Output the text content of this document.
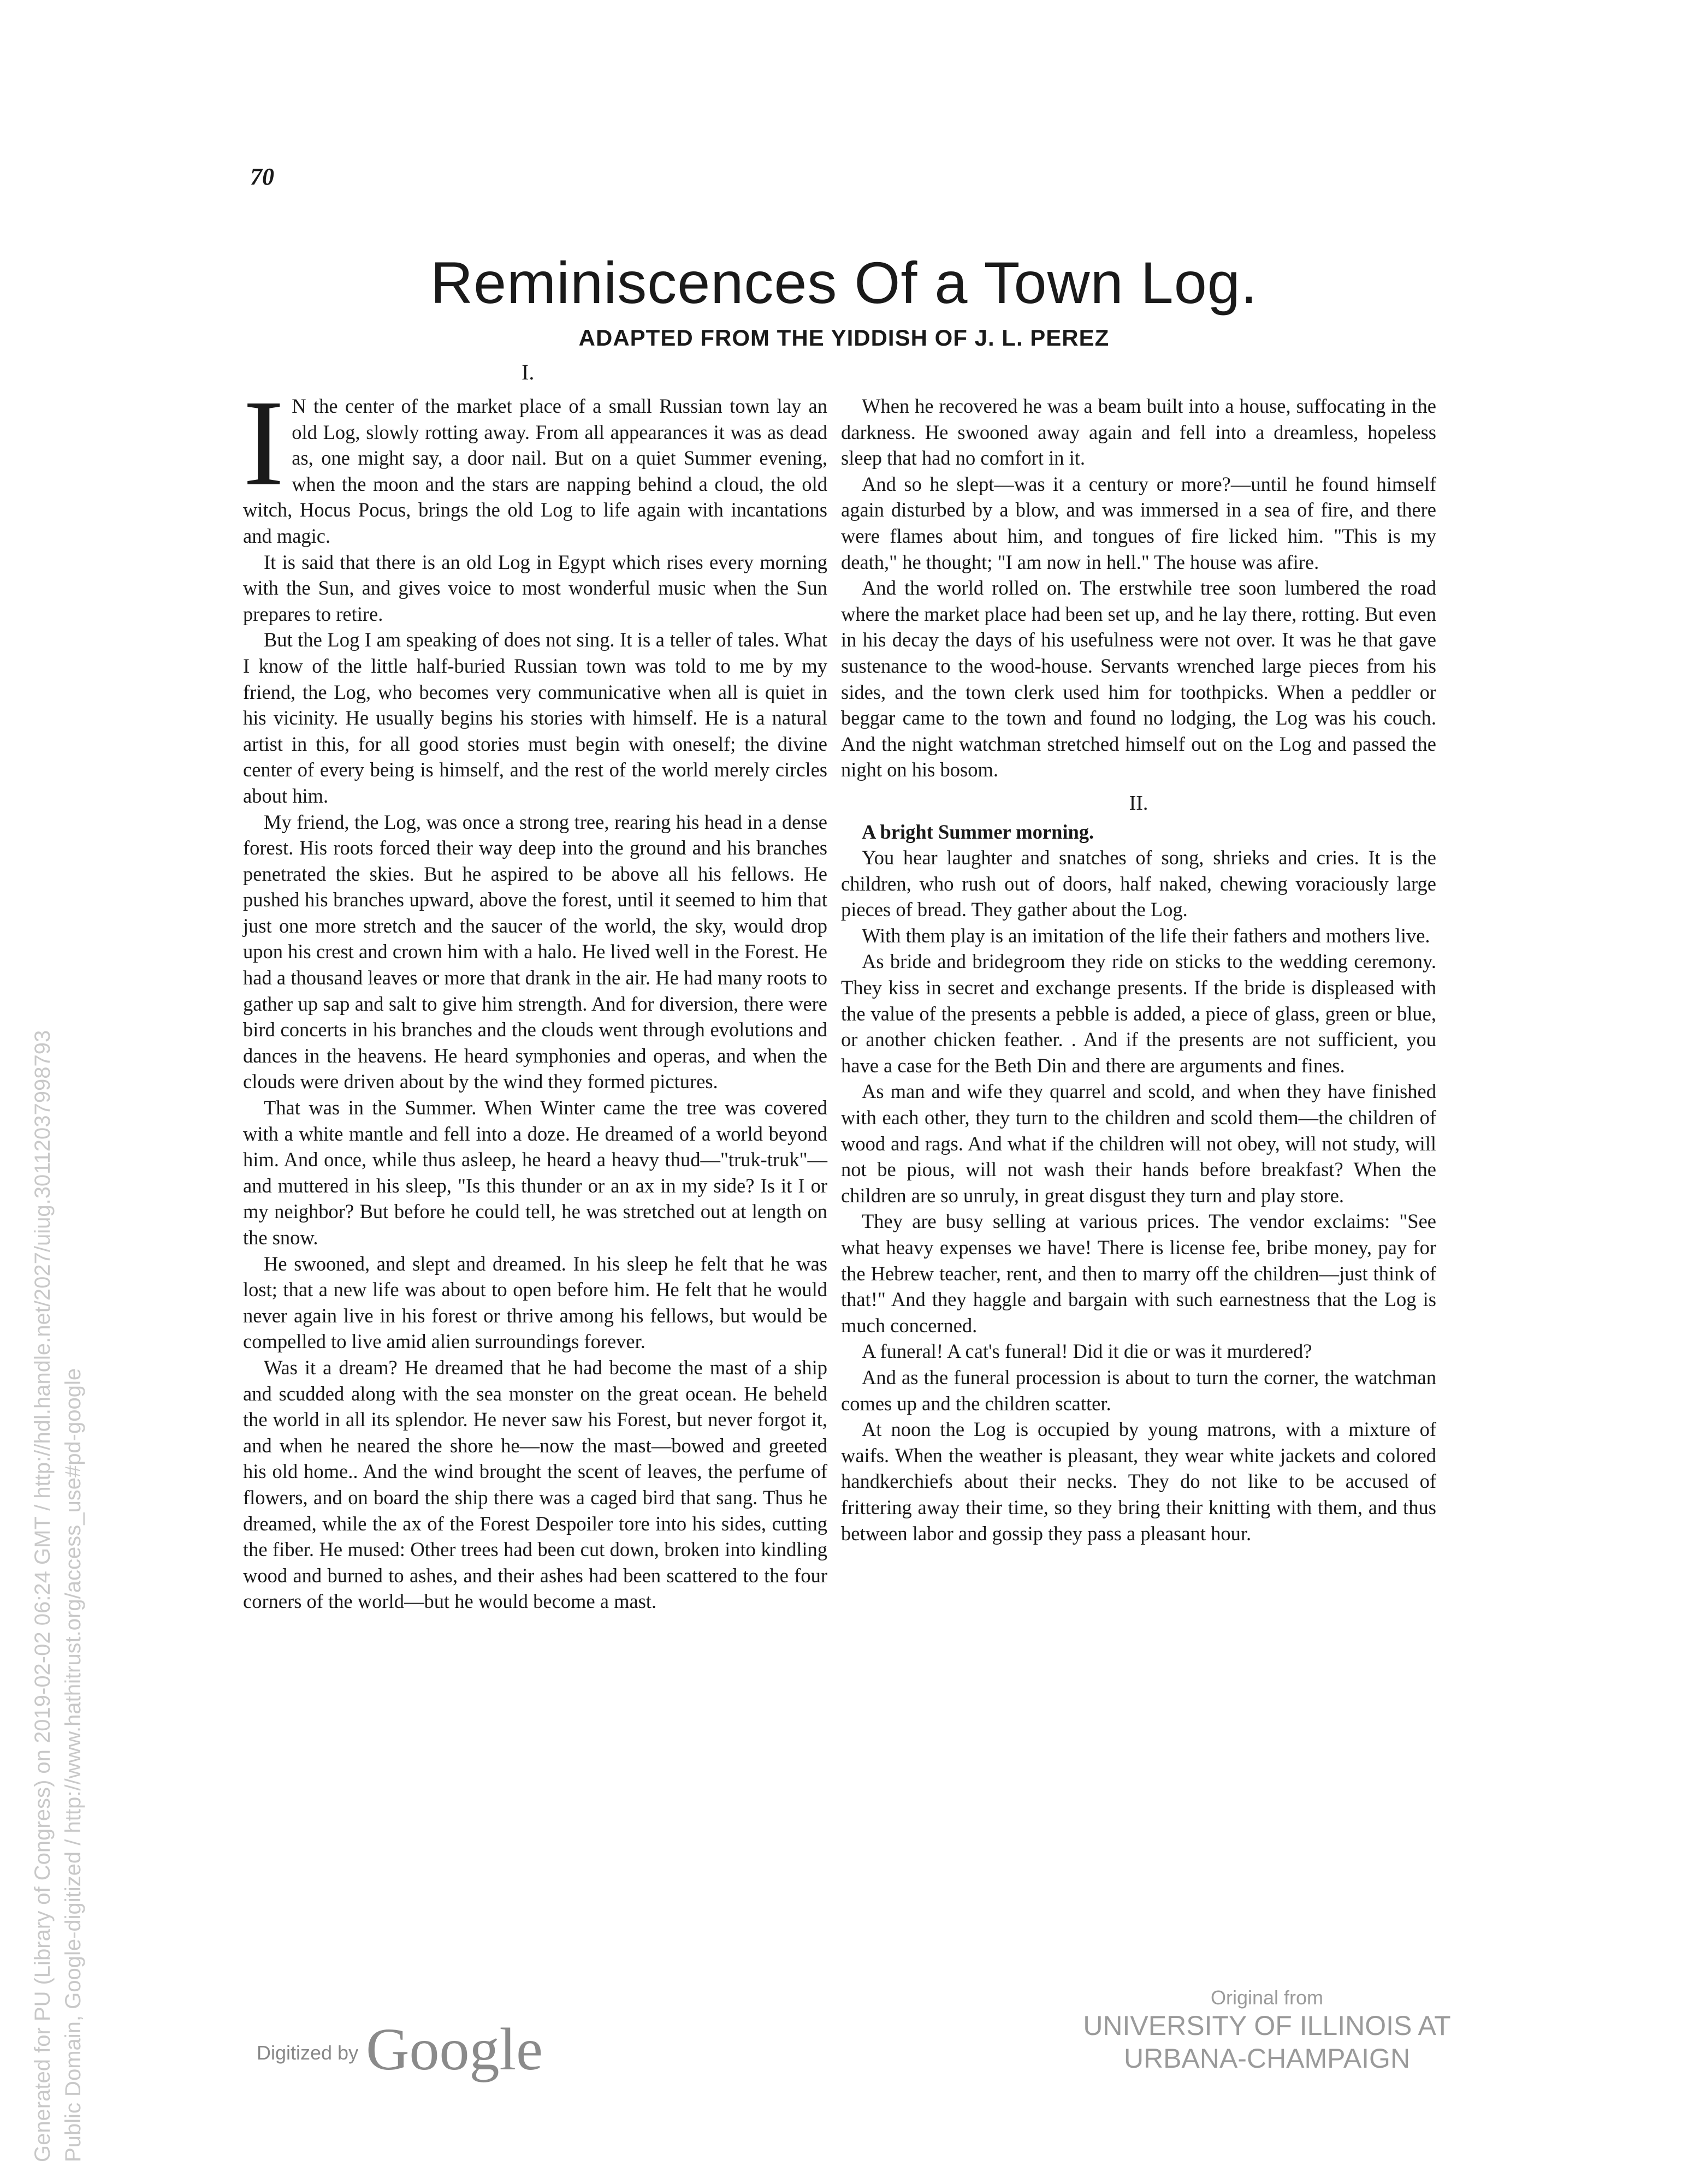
70
Reminiscences Of a Town Log.
ADAPTED FROM THE YIDDISH OF J. L. PEREZ
I.

I N the center of the market place of a small Russian town lay an old Log, slowly rotting away. From all appearances it was as dead as, one might say, a door nail. But on a quiet Summer evening, when the moon and the stars are napping behind a cloud, the old witch, Hocus Pocus, brings the old Log to life again with incantations and magic.

It is said that there is an old Log in Egypt which rises every morning with the Sun, and gives voice to most wonderful music when the Sun prepares to retire.

But the Log I am speaking of does not sing. It is a teller of tales. What I know of the little half-buried Russian town was told to me by my friend, the Log, who becomes very communicative when all is quiet in his vicinity. He usually begins his stories with himself. He is a natural artist in this, for all good stories must begin with oneself; the divine center of every being is himself, and the rest of the world merely circles about him.

My friend, the Log, was once a strong tree, rearing his head in a dense forest. His roots forced their way deep into the ground and his branches penetrated the skies. But he aspired to be above all his fellows. He pushed his branches upward, above the forest, until it seemed to him that just one more stretch and the saucer of the world, the sky, would drop upon his crest and crown him with a halo. He lived well in the Forest. He had a thousand leaves or more that drank in the air. He had many roots to gather up sap and salt to give him strength. And for diversion, there were bird concerts in his branches and the clouds went through evolutions and dances in the heavens. He heard symphonies and operas, and when the clouds were driven about by the wind they formed pictures.

That was in the Summer. When Winter came the tree was covered with a white mantle and fell into a doze. He dreamed of a world beyond him. And once, while thus asleep, he heard a heavy thud—"truk-truk"—and muttered in his sleep, "Is this thunder or an ax in my side? Is it I or my neighbor? But before he could tell, he was stretched out at length on the snow.

He swooned, and slept and dreamed. In his sleep he felt that he was lost; that a new life was about to open before him. He felt that he would never again live in his forest or thrive among his fellows, but would be compelled to live amid alien surroundings forever.

Was it a dream? He dreamed that he had become the mast of a ship and scudded along with the sea monster on the great ocean. He beheld the world in all its splendor. He never saw his Forest, but never forgot it, and when he neared the shore he—now the mast—bowed and greeted his old home.. And the wind brought the scent of leaves, the perfume of flowers, and on board the ship there was a caged bird that sang. Thus he dreamed, while the ax of the Forest Despoiler tore into his sides, cutting the fiber. He mused: Other trees had been cut down, broken into kindling wood and burned to ashes, and their ashes had been scattered to the four corners of the world—but he would become a mast.

When he recovered he was a beam built into a house, suffocating in the darkness. He swooned away again and fell into a dreamless, hopeless sleep that had no comfort in it.

And so he slept—was it a century or more?—until he found himself again disturbed by a blow, and was immersed in a sea of fire, and there were flames about him, and tongues of fire licked him. "This is my death," he thought; "I am now in hell." The house was afire.

And the world rolled on. The erstwhile tree soon lumbered the road where the market place had been set up, and he lay there, rotting. But even in his decay the days of his usefulness were not over. It was he that gave sustenance to the wood-house. Servants wrenched large pieces from his sides, and the town clerk used him for toothpicks. When a peddler or beggar came to the town and found no lodging, the Log was his couch. And the night watchman stretched himself out on the Log and passed the night on his bosom.

II.

A bright Summer morning.

You hear laughter and snatches of song, shrieks and cries. It is the children, who rush out of doors, half naked, chewing voraciously large pieces of bread. They gather about the Log.

With them play is an imitation of the life their fathers and mothers live.

As bride and bridegroom they ride on sticks to the wedding ceremony. They kiss in secret and exchange presents. If the bride is displeased with the value of the presents a pebble is added, a piece of glass, green or blue, or another chicken feather. . And if the presents are not sufficient, you have a case for the Beth Din and there are arguments and fines.

As man and wife they quarrel and scold, and when they have finished with each other, they turn to the children and scold them—the children of wood and rags. And what if the children will not obey, will not study, will not be pious, will not wash their hands before breakfast? When the children are so unruly, in great disgust they turn and play store.

They are busy selling at various prices. The vendor exclaims: "See what heavy expenses we have! There is license fee, bribe money, pay for the Hebrew teacher, rent, and then to marry off the children—just think of that!" And they haggle and bargain with such earnestness that the Log is much concerned.

A funeral! A cat's funeral! Did it die or was it murdered?

And as the funeral procession is about to turn the corner, the watchman comes up and the children scatter.

At noon the Log is occupied by young matrons, with a mixture of waifs. When the weather is pleasant, they wear white jackets and colored handkerchiefs about their necks. They do not like to be accused of frittering away their time, so they bring their knitting with them, and thus between labor and gossip they pass a pleasant hour.

Digitized by Google
Original from
UNIVERSITY OF ILLINOIS AT
URBANA-CHAMPAIGN
Generated for PU (Library of Congress) on 2019-02-02 06:24 GMT / http://hdl.handle.net/2027/uiug.30112037998793 Public Domain, Google-digitized / http://www.hathitrust.org/access_use#pd-google
